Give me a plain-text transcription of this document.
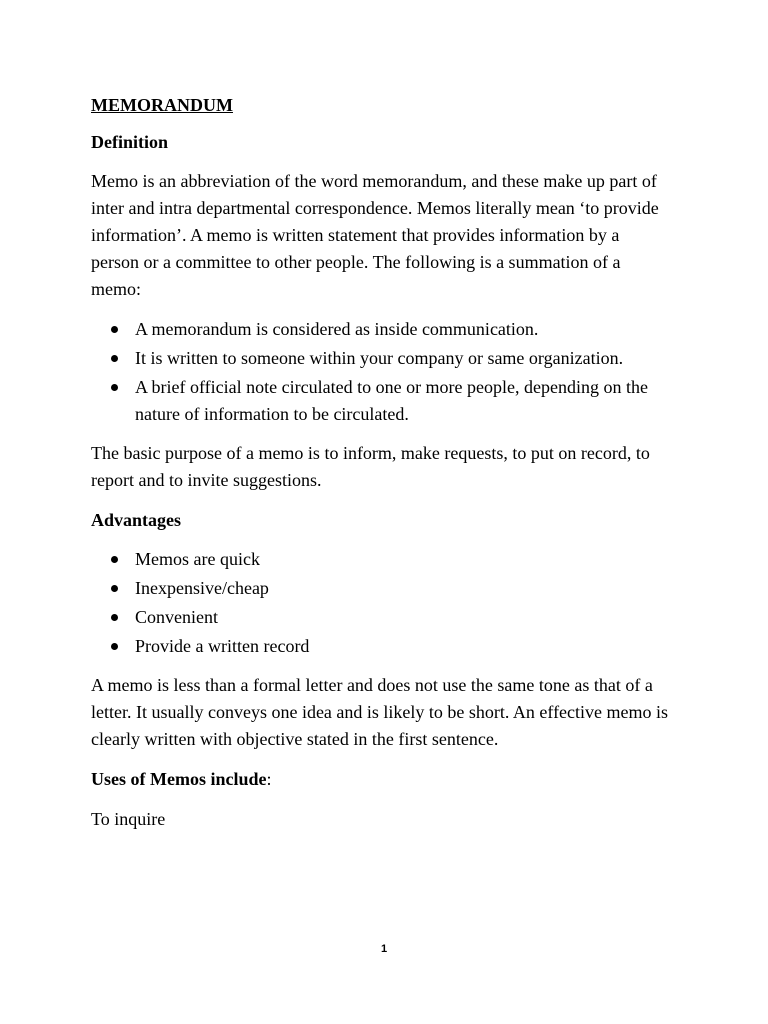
MEMORANDUM
Definition

Memo is an abbreviation of the word memorandum, and these make up part of inter and intra departmental correspondence. Memos literally mean ‘to provide information’. A memo is written statement that provides information by a person or a committee to other people. The following is a summation of a memo:

A memorandum is considered as inside communication.
It is written to someone within your company or same organization.
A brief official note circulated to one or more people, depending on the nature of information to be circulated.

The basic purpose of a memo is to inform, make requests, to put on record, to report and to invite suggestions.

Advantages
Memos are quick
Inexpensive/cheap
Convenient
Provide a written record

A memo is less than a formal letter and does not use the same tone as that of a letter. It usually conveys one idea and is likely to be short. An effective memo is clearly written with objective stated in the first sentence.

Uses of Memos include:

To inquire

1
